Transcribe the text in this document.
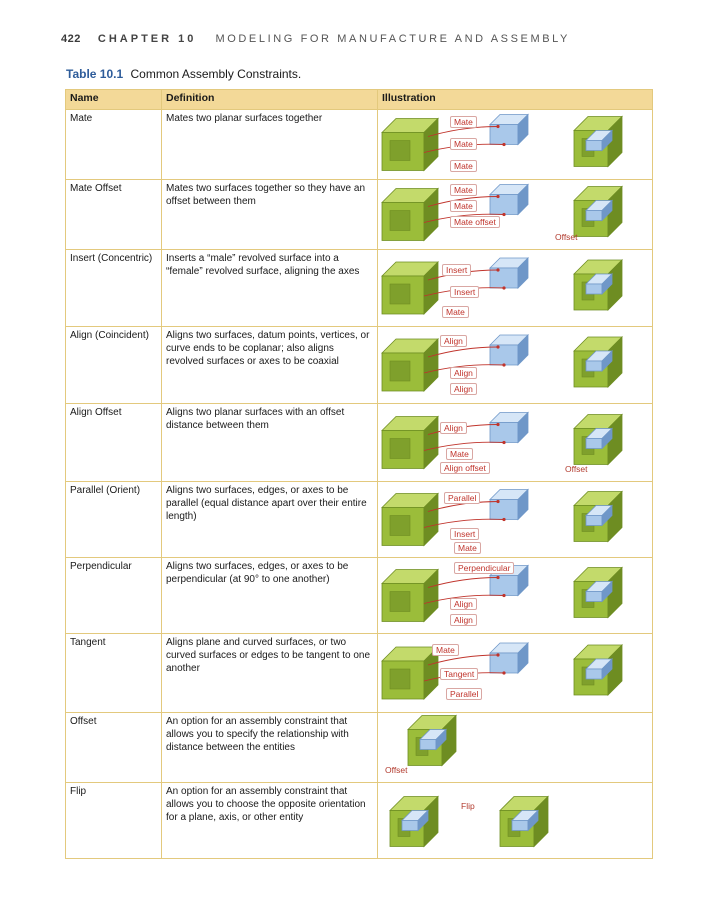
422 CHAPTER 10 MODELING FOR MANUFACTURE AND ASSEMBLY
Table 10.1 Common Assembly Constraints.
Name	Definition	Illustration
Mate	Mates two planar surfaces together	Mate
Mate
Mate

Mate Offset	Mates two surfaces together so they have an offset between them	Mate
Mate
Mate offset
Offset

Insert (Concentric)	Inserts a “male” revolved surface into a “female” revolved surface, aligning the axes	Insert
Insert
Mate

Align (Coincident)	Aligns two surfaces, datum points, vertices, or curve ends to be coplanar; also aligns revolved surfaces or axes to be coaxial	Align
Align
Align

Align Offset	Aligns two planar surfaces with an offset distance between them	Align
Mate
Align offset Offset

Parallel (Orient)	Aligns two surfaces, edges, or axes to be parallel (equal distance apart over their entire length)	Parallel
Insert
Mate

Perpendicular	Aligns two surfaces, edges, or axes to be perpendicular (at 90° to one another)	Perpendicular
Align
Align

Tangent	Aligns plane and curved surfaces, or two curved surfaces or edges to be tangent to one another	Mate
Tangent
Parallel

Offset	An option for an assembly constraint that allows you to specify the relationship with distance between the entities	Offset

Flip	An option for an assembly constraint that allows you to choose the opposite orientation for a plane, axis, or other entity	Flip
